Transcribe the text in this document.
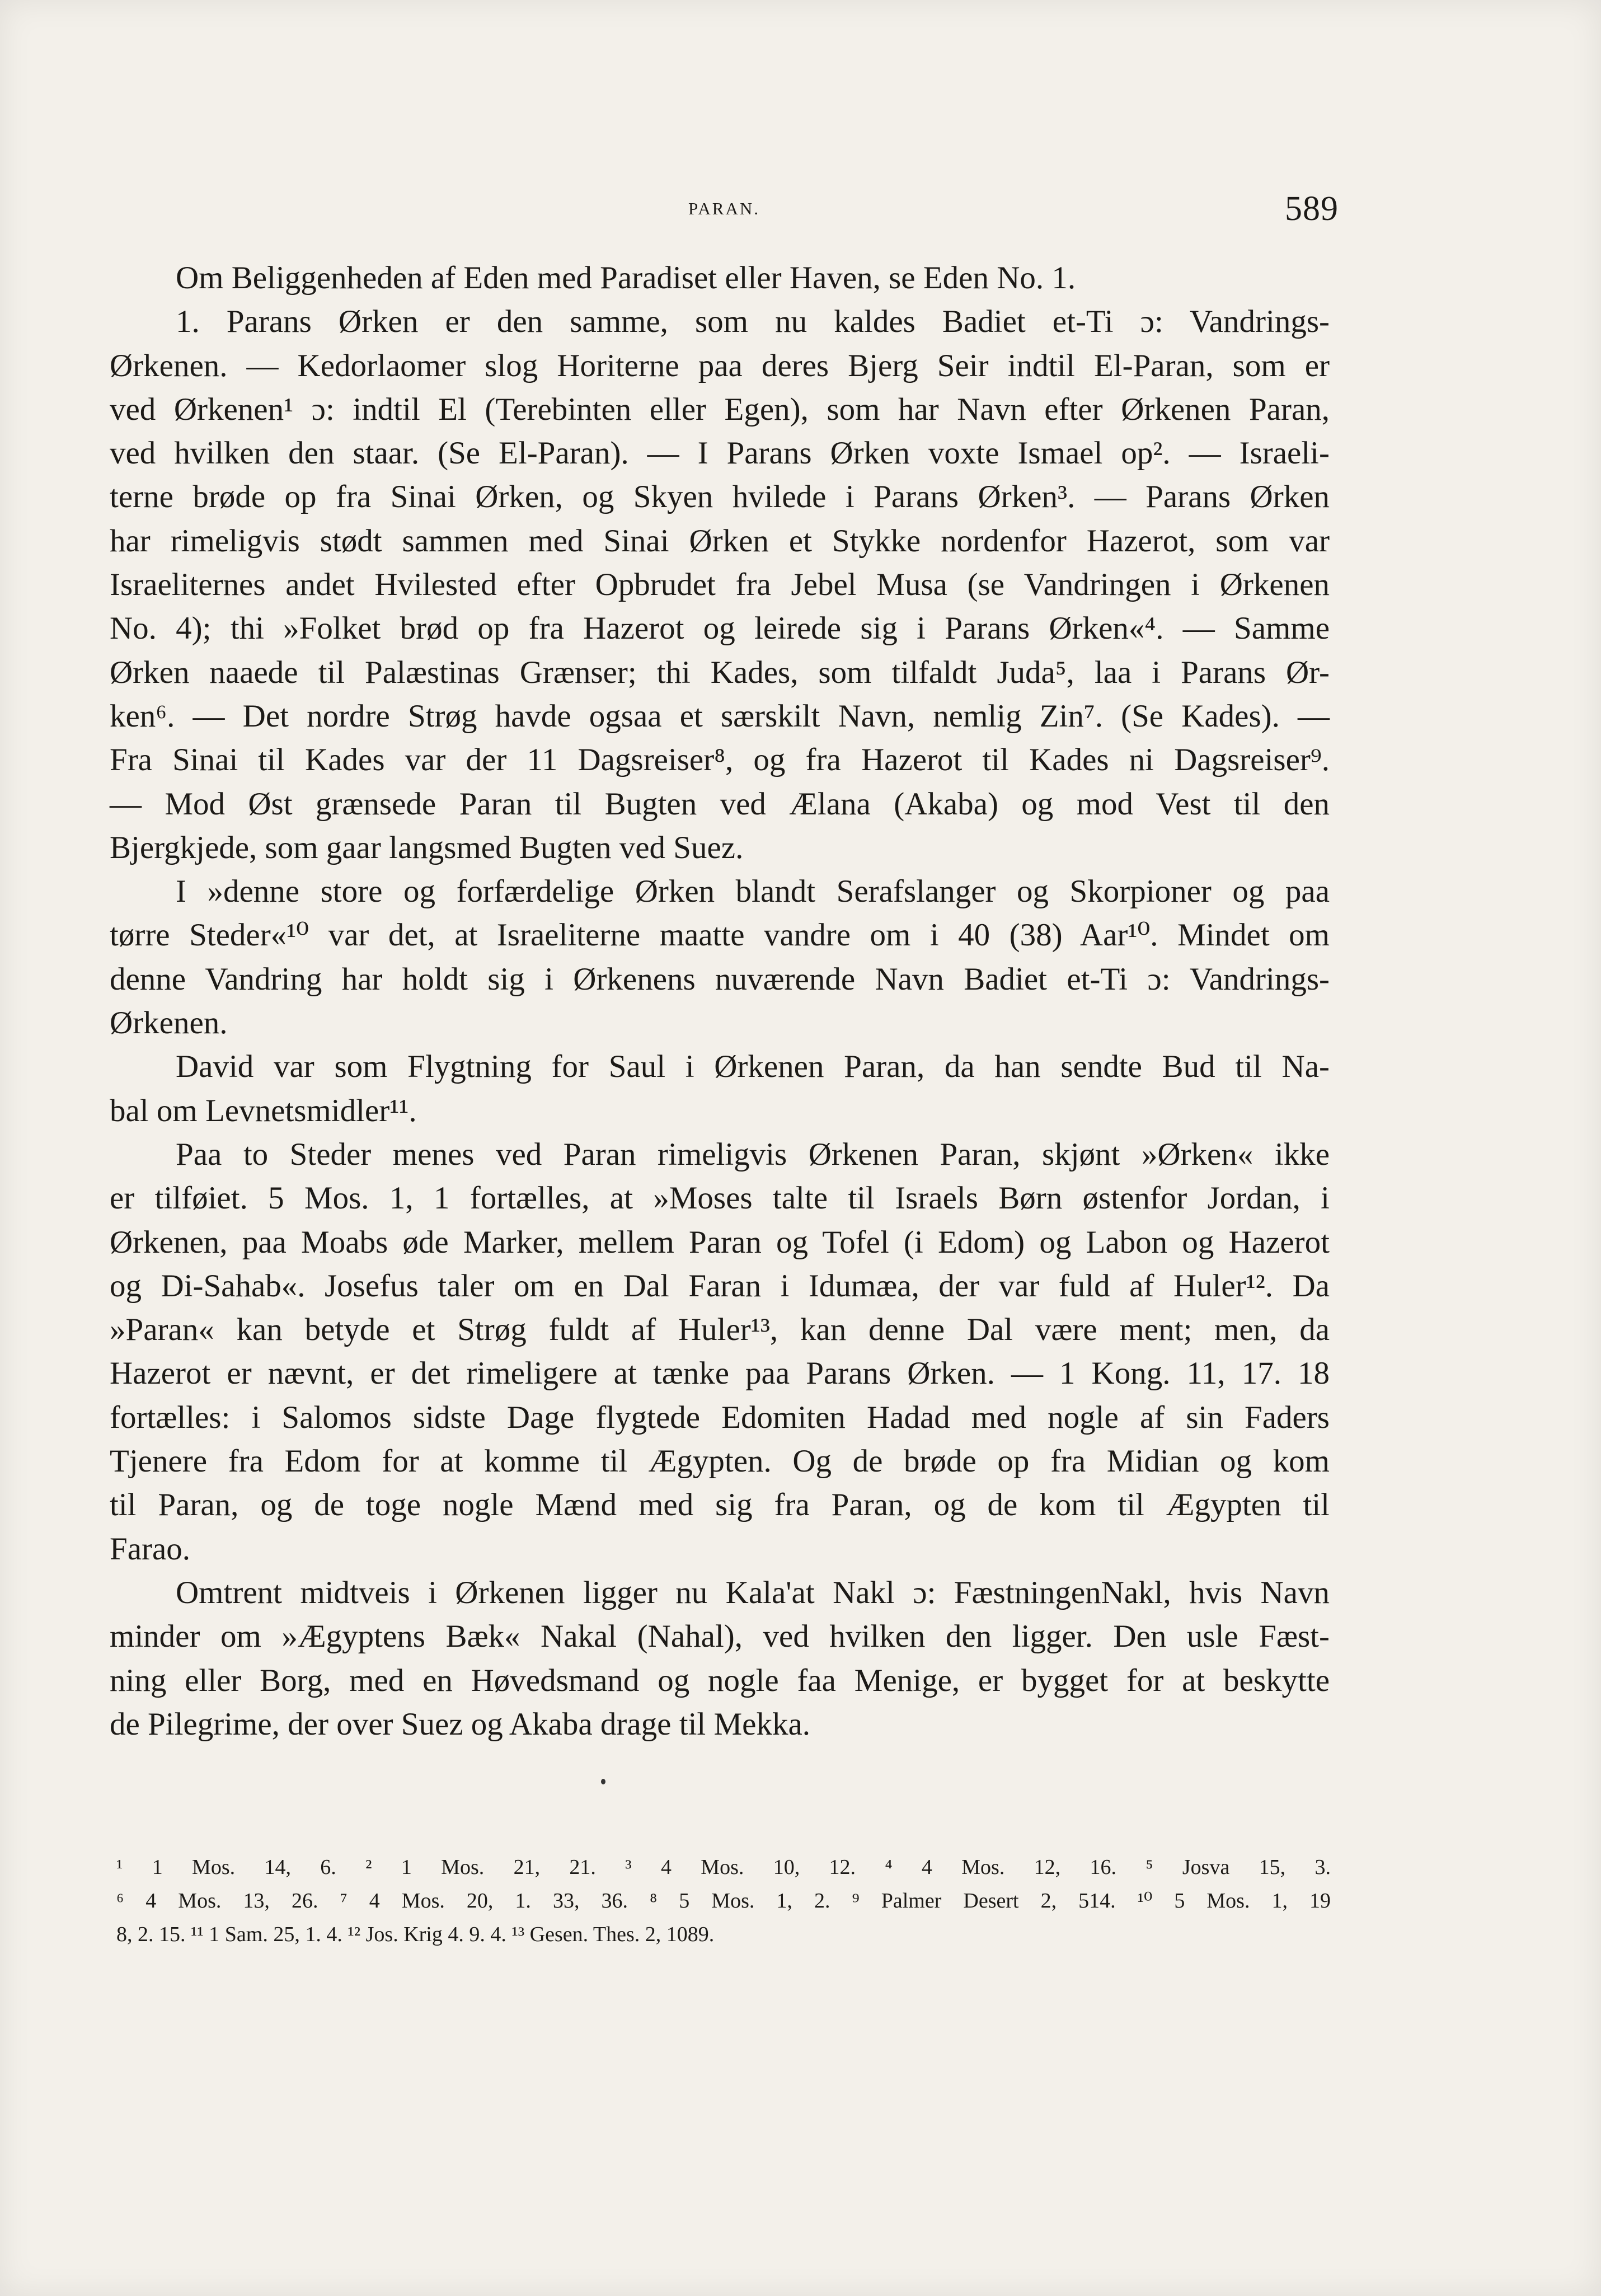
PARAN.	589
Om Beliggenheden af Eden med Paradiset eller Haven, se Eden No. 1.
1. Parans Ørken er den samme, som nu kaldes Badiet et-Ti ɔ: Vandrings-
Ørkenen. — Kedorlaomer slog Horiterne paa deres Bjerg Seir indtil El-Paran, som er
ved Ørkenen¹ ɔ: indtil El (Terebinten eller Egen), som har Navn efter Ørkenen Paran,
ved hvilken den staar. (Se El-Paran). — I Parans Ørken voxte Ismael op². — Israeli-
terne brøde op fra Sinai Ørken, og Skyen hvilede i Parans Ørken³. — Parans Ørken
har rimeligvis stødt sammen med Sinai Ørken et Stykke nordenfor Hazerot, som var
Israeliternes andet Hvilested efter Opbrudet fra Jebel Musa (se Vandringen i Ørkenen
No. 4); thi »Folket brød op fra Hazerot og leirede sig i Parans Ørken«⁴. — Samme
Ørken naaede til Palæstinas Grænser; thi Kades, som tilfaldt Juda⁵, laa i Parans Ør-
ken⁶. — Det nordre Strøg havde ogsaa et særskilt Navn, nemlig Zin⁷. (Se Kades). —
Fra Sinai til Kades var der 11 Dagsreiser⁸, og fra Hazerot til Kades ni Dagsreiser⁹.
— Mod Øst grænsede Paran til Bugten ved Ælana (Akaba) og mod Vest til den
Bjergkjede, som gaar langsmed Bugten ved Suez.
I »denne store og forfærdelige Ørken blandt Serafslanger og Skorpioner og paa
tørre Steder«¹⁰ var det, at Israeliterne maatte vandre om i 40 (38) Aar¹⁰. Mindet om
denne Vandring har holdt sig i Ørkenens nuværende Navn Badiet et-Ti ɔ: Vandrings-
Ørkenen.
David var som Flygtning for Saul i Ørkenen Paran, da han sendte Bud til Na-
bal om Levnetsmidler¹¹.
Paa to Steder menes ved Paran rimeligvis Ørkenen Paran, skjønt »Ørken« ikke
er tilføiet. 5 Mos. 1, 1 fortælles, at »Moses talte til Israels Børn østenfor Jordan, i
Ørkenen, paa Moabs øde Marker, mellem Paran og Tofel (i Edom) og Labon og Hazerot
og Di-Sahab«. Josefus taler om en Dal Faran i Idumæa, der var fuld af Huler¹². Da
»Paran« kan betyde et Strøg fuldt af Huler¹³, kan denne Dal være ment; men, da
Hazerot er nævnt, er det rimeligere at tænke paa Parans Ørken. — 1 Kong. 11, 17. 18
fortælles: i Salomos sidste Dage flygtede Edomiten Hadad med nogle af sin Faders
Tjenere fra Edom for at komme til Ægypten. Og de brøde op fra Midian og kom
til Paran, og de toge nogle Mænd med sig fra Paran, og de kom til Ægypten til
Farao.
Omtrent midtveis i Ørkenen ligger nu Kala'at Nakl ɔ: FæstningenNakl, hvis Navn
minder om »Ægyptens Bæk« Nakal (Nahal), ved hvilken den ligger. Den usle Fæst-
ning eller Borg, med en Høvedsmand og nogle faa Menige, er bygget for at beskytte
de Pilegrime, der over Suez og Akaba drage til Mekka.
¹ 1 Mos. 14, 6. ² 1 Mos. 21, 21. ³ 4 Mos. 10, 12. ⁴ 4 Mos. 12, 16. ⁵ Josva 15, 3.
⁶ 4 Mos. 13, 26. ⁷ 4 Mos. 20, 1. 33, 36. ⁸ 5 Mos. 1, 2. ⁹ Palmer Desert 2, 514. ¹⁰ 5 Mos. 1, 19
8, 2. 15. ¹¹ 1 Sam. 25, 1. 4. ¹² Jos. Krig 4. 9. 4. ¹³ Gesen. Thes. 2, 1089.
